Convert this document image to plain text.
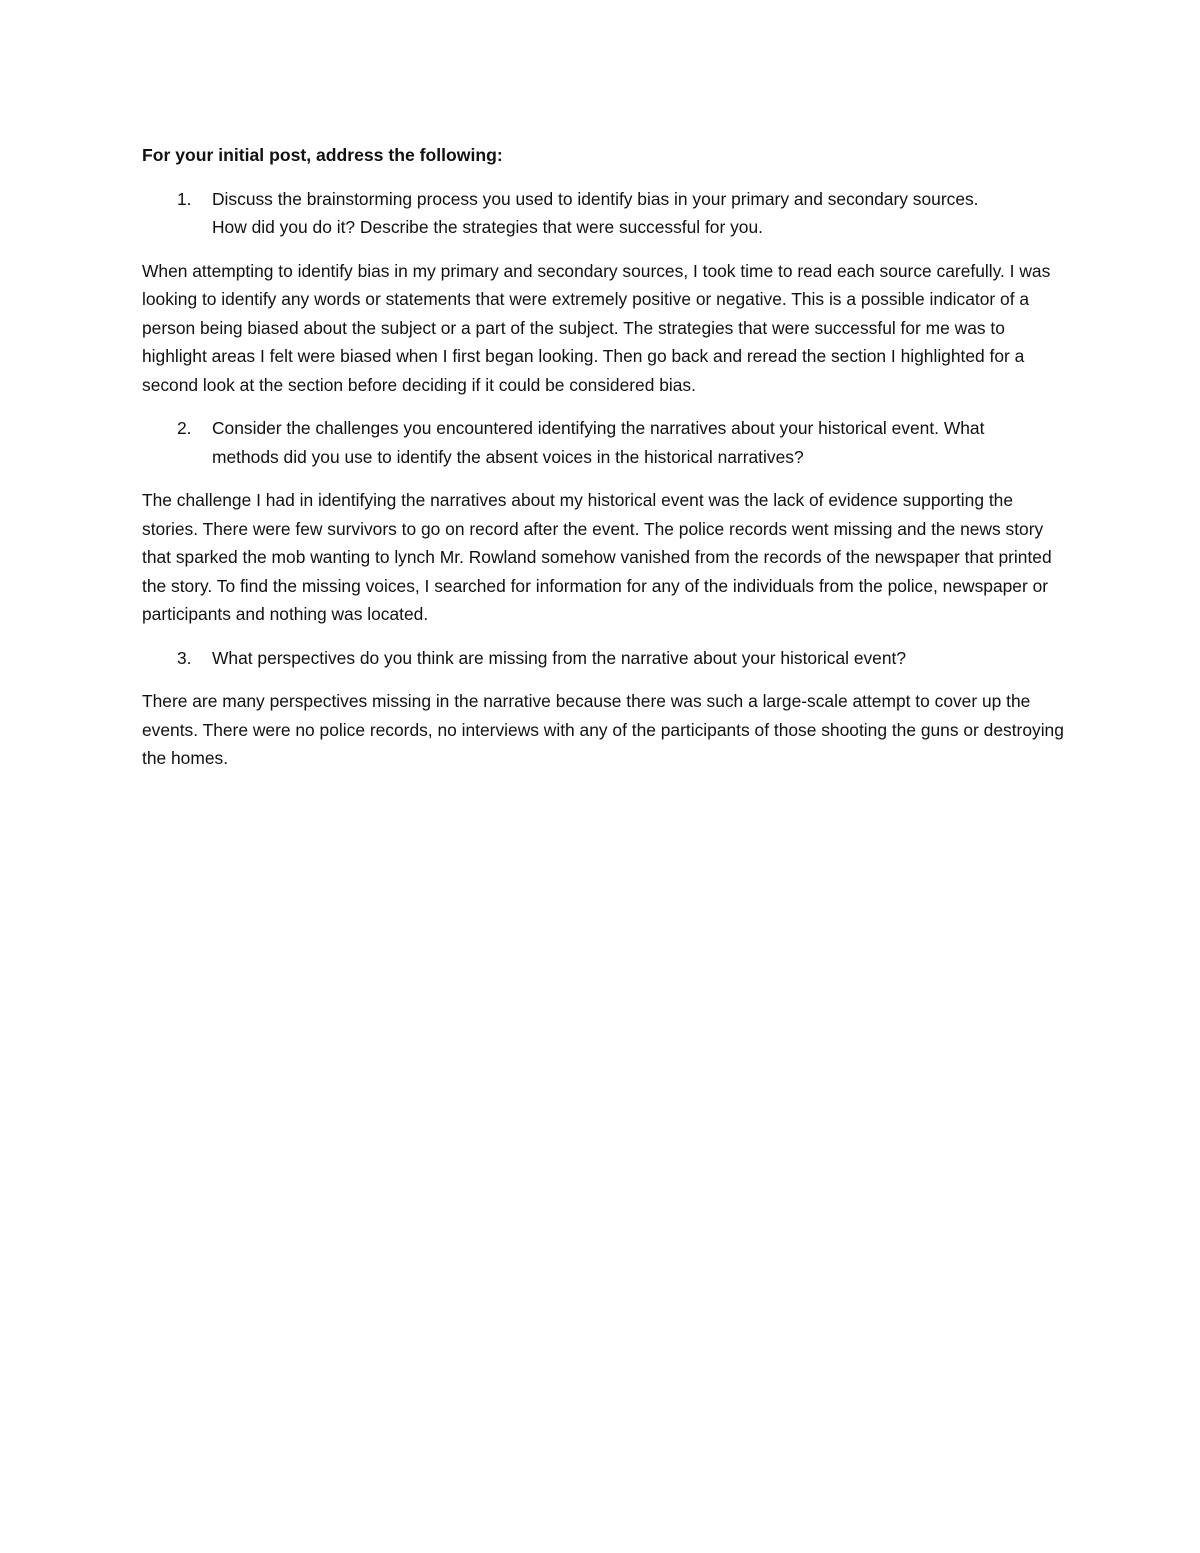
For your initial post, address the following:

1.	Discuss the brainstorming process you used to identify bias in your primary and secondary sources. How did you do it? Describe the strategies that were successful for you.

When attempting to identify bias in my primary and secondary sources, I took time to read each source carefully. I was looking to identify any words or statements that were extremely positive or negative. This is a possible indicator of a person being biased about the subject or a part of the subject. The strategies that were successful for me was to highlight areas I felt were biased when I first began looking. Then go back and reread the section I highlighted for a second look at the section before deciding if it could be considered bias.

2.	Consider the challenges you encountered identifying the narratives about your historical event. What methods did you use to identify the absent voices in the historical narratives?

The challenge I had in identifying the narratives about my historical event was the lack of evidence supporting the stories. There were few survivors to go on record after the event. The police records went missing and the news story that sparked the mob wanting to lynch Mr. Rowland somehow vanished from the records of the newspaper that printed the story. To find the missing voices, I searched for information for any of the individuals from the police, newspaper or participants and nothing was located.

3.	What perspectives do you think are missing from the narrative about your historical event?

There are many perspectives missing in the narrative because there was such a large-scale attempt to cover up the events. There were no police records, no interviews with any of the participants of those shooting the guns or destroying the homes.
